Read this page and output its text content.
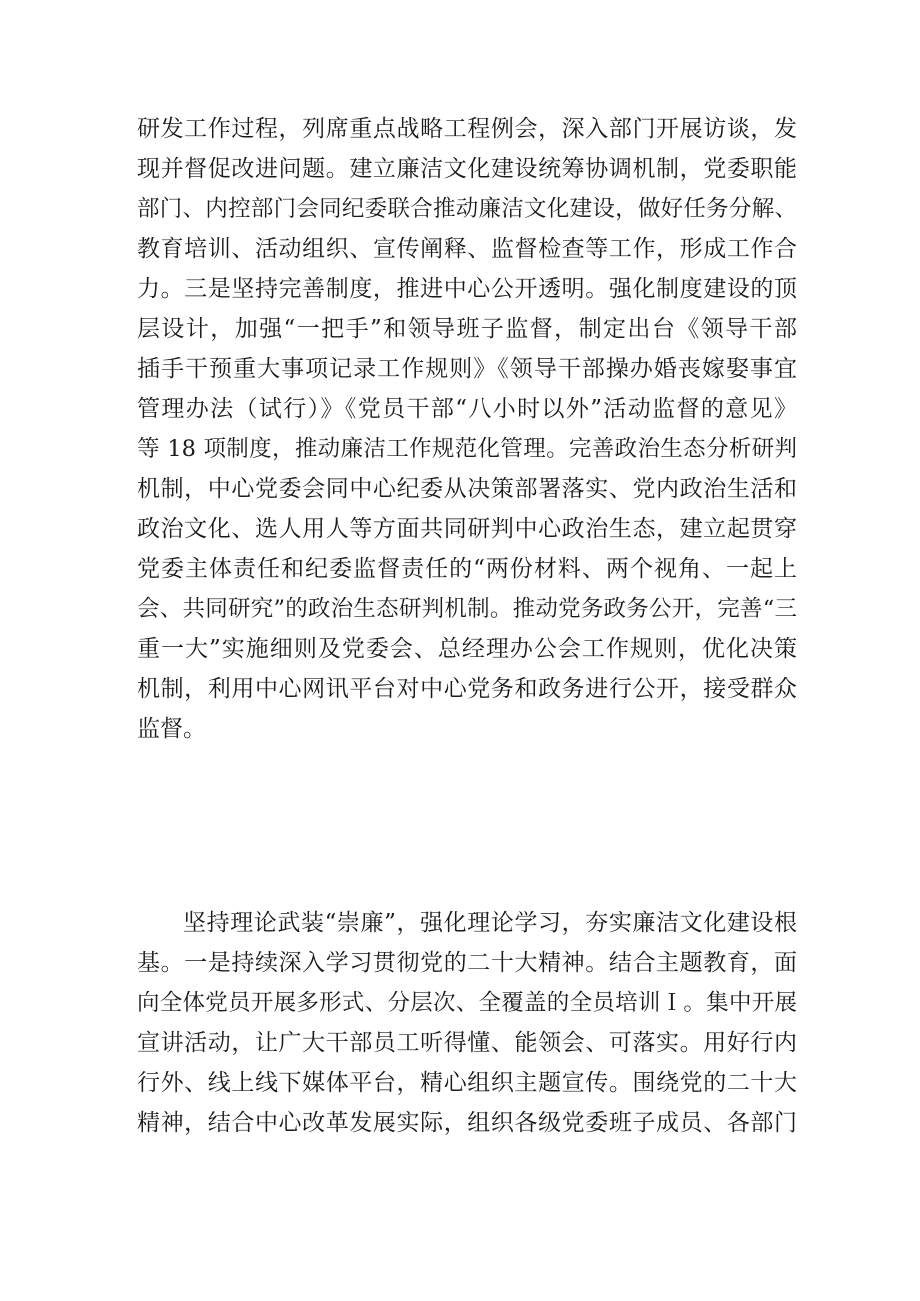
研发工作过程，列席重点战略工程例会，深入部门开展访谈，发
现并督促改进问题。建立廉洁文化建设统筹协调机制，党委职能
部门、内控部门会同纪委联合推动廉洁文化建设，做好任务分解、
教育培训、活动组织、宣传阐释、监督检查等工作，形成工作合
力。三是坚持完善制度，推进中心公开透明。强化制度建设的顶
层设计，加强“一把手”和领导班子监督，制定出台《领导干部
插手干预重大事项记录工作规则》《领导干部操办婚丧嫁娶事宜
管理办法（试行）》《党员干部“八小时以外”活动监督的意见》
等 18 项制度，推动廉洁工作规范化管理。完善政治生态分析研判
机制，中心党委会同中心纪委从决策部署落实、党内政治生活和
政治文化、选人用人等方面共同研判中心政治生态，建立起贯穿
党委主体责任和纪委监督责任的“两份材料、两个视角、一起上
会、共同研究”的政治生态研判机制。推动党务政务公开，完善“三
重一大”实施细则及党委会、总经理办公会工作规则，优化决策
机制，利用中心网讯平台对中心党务和政务进行公开，接受群众
监督。
坚持理论武装“崇廉”，强化理论学习，夯实廉洁文化建设根
基。一是持续深入学习贯彻党的二十大精神。结合主题教育，面
向全体党员开展多形式、分层次、全覆盖的全员培训Ｉ。集中开展
宣讲活动，让广大干部员工听得懂、能领会、可落实。用好行内
行外、线上线下媒体平台，精心组织主题宣传。围绕党的二十大
精神，结合中心改革发展实际，组织各级党委班子成员、各部门
